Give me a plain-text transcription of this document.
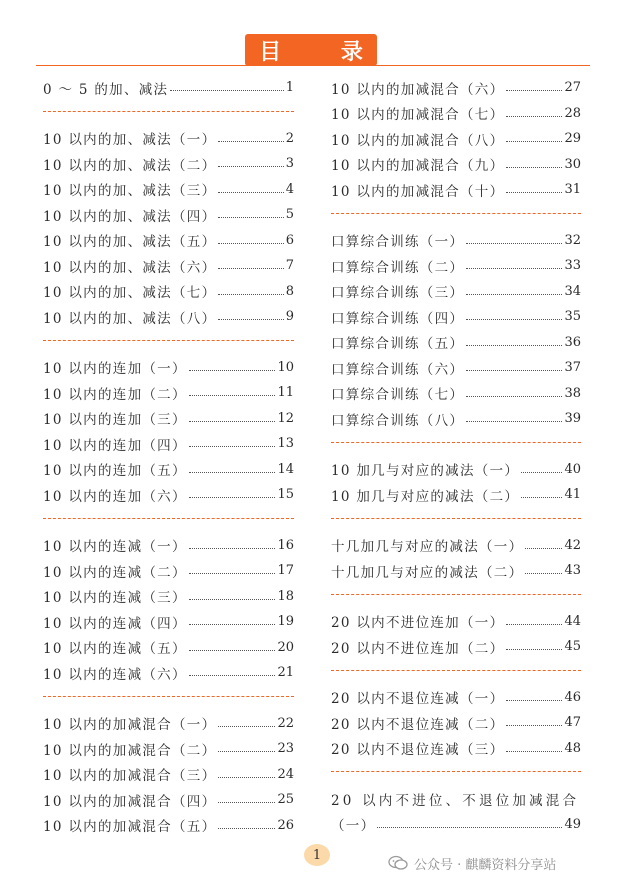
目 录
0 ～ 5 的加、减法	1
10 以内的加、减法（一）	2
10 以内的加、减法（二）	3
10 以内的加、减法（三）	4
10 以内的加、减法（四）	5
10 以内的加、减法（五）	6
10 以内的加、减法（六）	7
10 以内的加、减法（七）	8
10 以内的加、减法（八）	9
10 以内的连加（一）	10
10 以内的连加（二）	11
10 以内的连加（三）	12
10 以内的连加（四）	13
10 以内的连加（五）	14
10 以内的连加（六）	15
10 以内的连减（一）	16
10 以内的连减（二）	17
10 以内的连减（三）	18
10 以内的连减（四）	19
10 以内的连减（五）	20
10 以内的连减（六）	21
10 以内的加减混合（一）	22
10 以内的加减混合（二）	23
10 以内的加减混合（三）	24
10 以内的加减混合（四）	25
10 以内的加减混合（五）	26
10 以内的加减混合（六）	27
10 以内的加减混合（七）	28
10 以内的加减混合（八）	29
10 以内的加减混合（九）	30
10 以内的加减混合（十）	31
口算综合训练（一）	32
口算综合训练（二）	33
口算综合训练（三）	34
口算综合训练（四）	35
口算综合训练（五）	36
口算综合训练（六）	37
口算综合训练（七）	38
口算综合训练（八）	39
10 加几与对应的减法（一）	40
10 加几与对应的减法（二）	41
十几加几与对应的减法（一）	42
十几加几与对应的减法（二）	43
20 以内不进位连加（一）	44
20 以内不进位连加（二）	45
20 以内不退位连减（一）	46
20 以内不退位连减（二）	47
20 以内不退位连减（三）	48
20 以内不进位、不退位加减混合
（一）	49
1
公众号 · 麒麟资料分享站
